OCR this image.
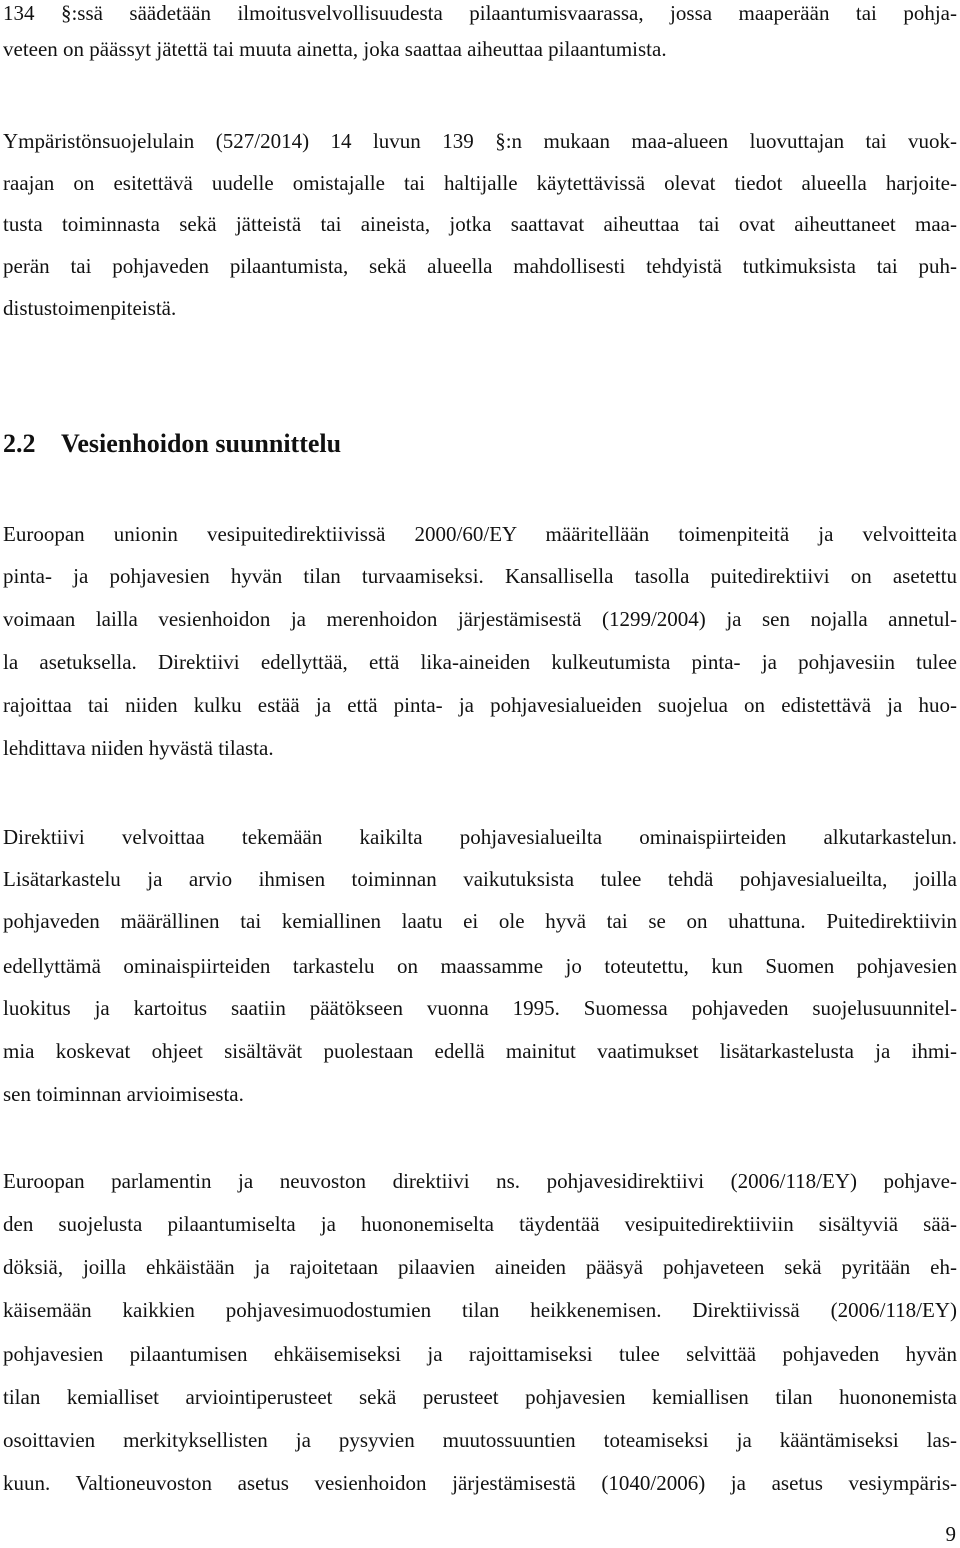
134 §:ssä säädetään ilmoitusvelvollisuudesta pilaantumisvaarassa, jossa maaperään tai pohja-
veteen on päässyt jätettä tai muuta ainetta, joka saattaa aiheuttaa pilaantumista.
Ympäristönsuojelulain (527/2014) 14 luvun 139 §:n mukaan maa-alueen luovuttajan tai vuok-
raajan on esitettävä uudelle omistajalle tai haltijalle käytettävissä olevat tiedot alueella harjoite-
tusta toiminnasta sekä jätteistä tai aineista, jotka saattavat aiheuttaa tai ovat aiheuttaneet maa-
perän tai pohjaveden pilaantumista, sekä alueella mahdollisesti tehdyistä tutkimuksista tai puh-
distustoimenpiteistä.
2.2 Vesienhoidon suunnittelu
Euroopan unionin vesipuitedirektiivissä 2000/60/EY määritellään toimenpiteitä ja velvoitteita
pinta- ja pohjavesien hyvän tilan turvaamiseksi. Kansallisella tasolla puitedirektiivi on asetettu
voimaan lailla vesienhoidon ja merenhoidon järjestämisestä (1299/2004) ja sen nojalla annetul-
la asetuksella. Direktiivi edellyttää, että lika-aineiden kulkeutumista pinta- ja pohjavesiin tulee
rajoittaa tai niiden kulku estää ja että pinta- ja pohjavesialueiden suojelua on edistettävä ja huo-
lehdittava niiden hyvästä tilasta.
Direktiivi velvoittaa tekemään kaikilta pohjavesialueilta ominaispiirteiden alkutarkastelun.
Lisätarkastelu ja arvio ihmisen toiminnan vaikutuksista tulee tehdä pohjavesialueilta, joilla
pohjaveden määrällinen tai kemiallinen laatu ei ole hyvä tai se on uhattuna. Puitedirektiivin
edellyttämä ominaispiirteiden tarkastelu on maassamme jo toteutettu, kun Suomen pohjavesien
luokitus ja kartoitus saatiin päätökseen vuonna 1995. Suomessa pohjaveden suojelusuunnitel-
mia koskevat ohjeet sisältävät puolestaan edellä mainitut vaatimukset lisätarkastelusta ja ihmi-
sen toiminnan arvioimisesta.
Euroopan parlamentin ja neuvoston direktiivi ns. pohjavesidirektiivi (2006/118/EY) pohjave-
den suojelusta pilaantumiselta ja huononemiselta täydentää vesipuitedirektiiviin sisältyviä sää-
döksiä, joilla ehkäistään ja rajoitetaan pilaavien aineiden pääsyä pohjaveteen sekä pyritään eh-
käisemään kaikkien pohjavesimuodostumien tilan heikkenemisen. Direktiivissä (2006/118/EY)
pohjavesien pilaantumisen ehkäisemiseksi ja rajoittamiseksi tulee selvittää pohjaveden hyvän
tilan kemialliset arviointiperusteet sekä perusteet pohjavesien kemiallisen tilan huononemista
osoittavien merkityksellisten ja pysyvien muutossuuntien toteamiseksi ja kääntämiseksi las-
kuun. Valtioneuvoston asetus vesienhoidon järjestämisestä (1040/2006) ja asetus vesiympäris-
9
